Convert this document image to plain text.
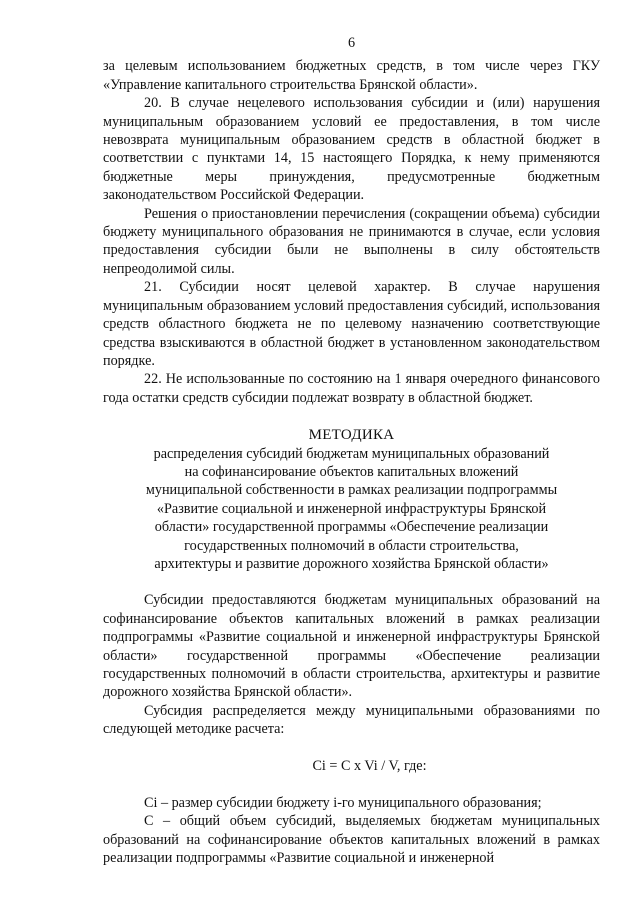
6

за целевым использованием бюджетных средств, в том числе через ГКУ «Управление капитального строительства Брянской области».

20. В случае нецелевого использования субсидии и (или) нарушения муниципальным образованием условий ее предоставления, в том числе невозврата муниципальным образованием средств в областной бюджет в соответствии с пунктами 14, 15 настоящего Порядка, к нему применяются бюджетные меры принуждения, предусмотренные бюджетным законодательством Российской Федерации.

Решения о приостановлении перечисления (сокращении объема) субсидии бюджету муниципального образования не принимаются в случае, если условия предоставления субсидии были не выполнены в силу обстоятельств непреодолимой силы.

21. Субсидии носят целевой характер. В случае нарушения муниципальным образованием условий предоставления субсидий, использования средств областного бюджета не по целевому назначению соответствующие средства взыскиваются в областной бюджет в установленном законодательством порядке.

22. Не использованные по состоянию на 1 января очередного финансового года остатки средств субсидии подлежат возврату в областной бюджет.

МЕТОДИКА

распределения субсидий бюджетам муниципальных образований
на софинансирование объектов капитальных вложений
муниципальной собственности в рамках реализации подпрограммы
«Развитие социальной и инженерной инфраструктуры Брянской
области» государственной программы «Обеспечение реализации
государственных полномочий в области строительства,
архитектуры и развитие дорожного хозяйства Брянской области»

Субсидии предоставляются бюджетам муниципальных образований на софинансирование объектов капитальных вложений в рамках реализации подпрограммы «Развитие социальной и инженерной инфраструктуры Брянской области» государственной программы «Обеспечение реализации государственных полномочий в области строительства, архитектуры и развитие дорожного хозяйства Брянской области».

Субсидия распределяется между муниципальными образованиями по следующей методике расчета:

Ci = C x Vi / V, где:

Ci – размер субсидии бюджету i-го муниципального образования;

C – общий объем субсидий, выделяемых бюджетам муниципальных образований на софинансирование объектов капитальных вложений в рамках реализации подпрограммы «Развитие социальной и инженерной
